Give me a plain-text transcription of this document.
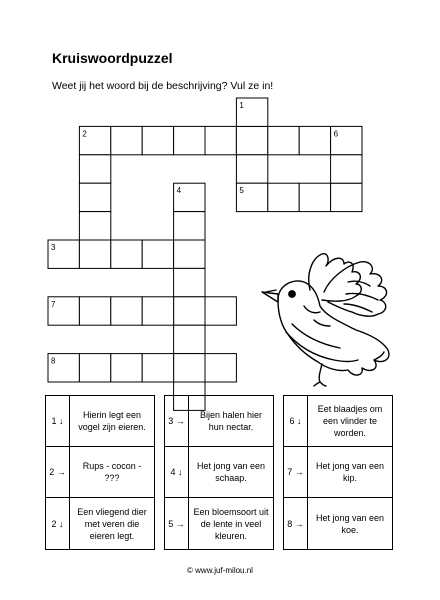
Kruiswoordpuzzel
Weet jij het woord bij de beschrijving? Vul ze in!
1
2
3
4	5
6
7
8
1 ↓
Hierin legt een vogel zijn eieren.
2 →
Rups - cocon - ???
2 ↓
Een vliegend dier met veren die eieren legt.
3 →
Bijen halen hier hun nectar.
4 ↓
Het jong van een schaap.
5 →
Een bloemsoort uit de lente in veel kleuren.
6 ↓
Eet blaadjes om een vlinder te worden.
7 →
Het jong van een kip.
8 →
Het jong van een koe.
© www.juf-milou.nl
